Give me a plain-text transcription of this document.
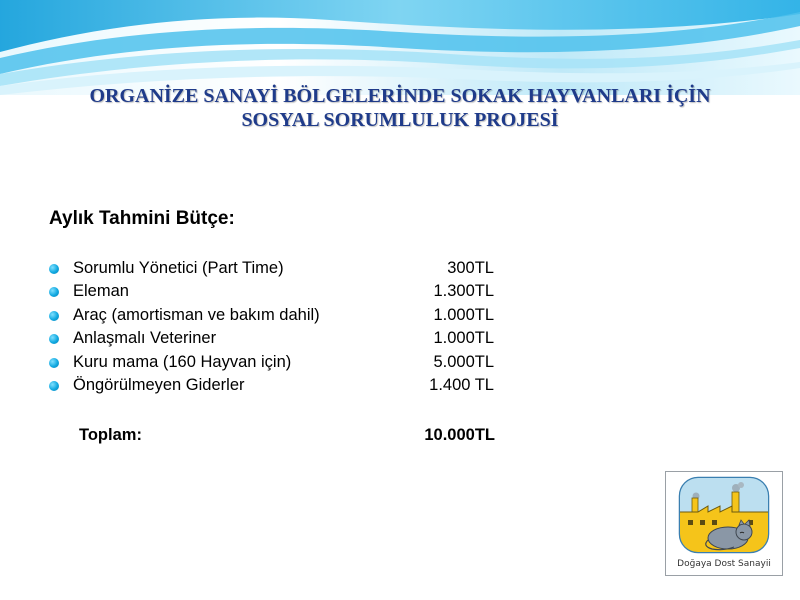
ORGANİZE SANAYİ BÖLGELERİNDE SOKAK HAYVANLARI İÇİN
SOSYAL SORUMLULUK PROJESİ
Aylık Tahmini Bütçe:
Sorumlu Yönetici (Part Time)	300TL
Eleman	1.300TL
Araç (amortisman ve bakım dahil)	1.000TL
Anlaşmalı Veteriner	1.000TL
Kuru mama (160 Hayvan için)	5.000TL
Öngörülmeyen Giderler	1.400 TL
Toplam:	10.000TL
Doğaya Dost Sanayii
